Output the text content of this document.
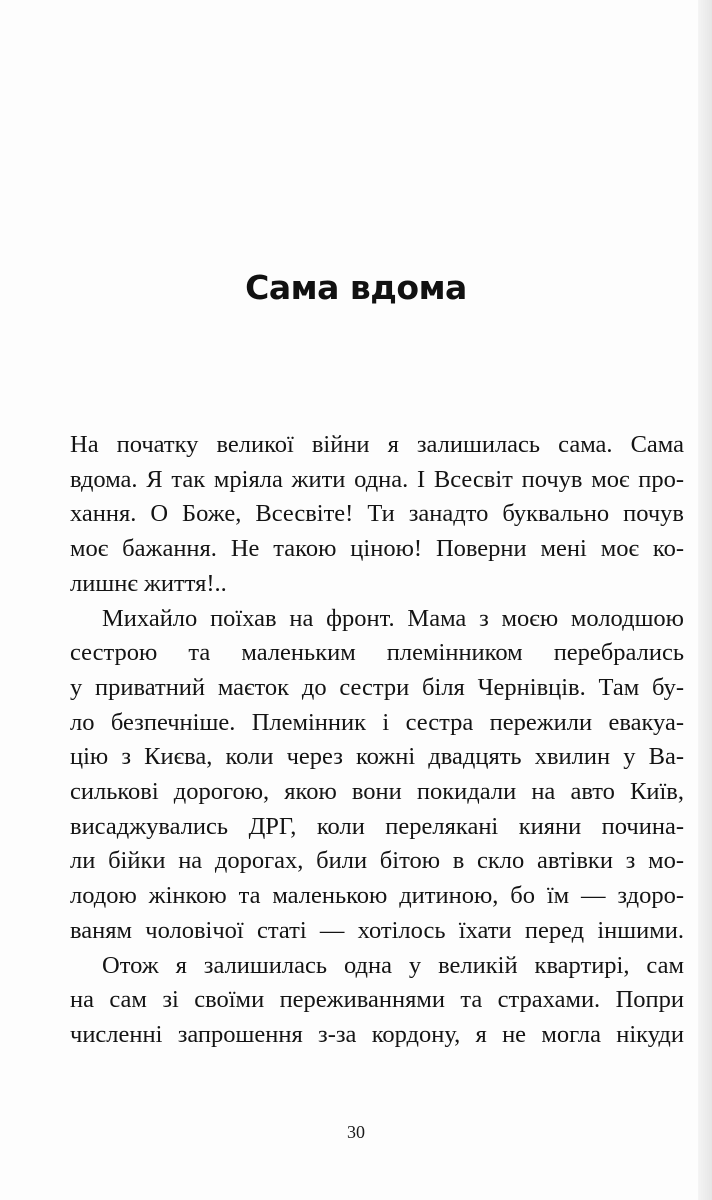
Сама вдома
На початку великої війни я залишилась сама. Сама
вдома. Я так мріяла жити одна. І Всесвіт почув моє про-
хання. О Боже, Всесвіте! Ти занадто буквально почув
моє бажання. Не такою ціною! Поверни мені моє ко-
лишнє життя!..
Михайло поїхав на фронт. Мама з моєю молодшою
сестрою та маленьким племінником перебрались
у приватний маєток до сестри біля Чернівців. Там бу-
ло безпечніше. Племінник і сестра пережили евакуа-
цію з Києва, коли через кожні двадцять хвилин у Ва-
силькові дорогою, якою вони покидали на авто Київ,
висаджувались ДРГ, коли перелякані кияни почина-
ли бійки на дорогах, били бітою в скло автівки з мо-
лодою жінкою та маленькою дитиною, бо їм — здоро-
ваням чоловічої статі — хотілось їхати перед іншими.
Отож я залишилась одна у великій квартирі, сам
на сам зі своїми переживаннями та страхами. Попри
численні запрошення з-за кордону, я не могла нікуди
30
